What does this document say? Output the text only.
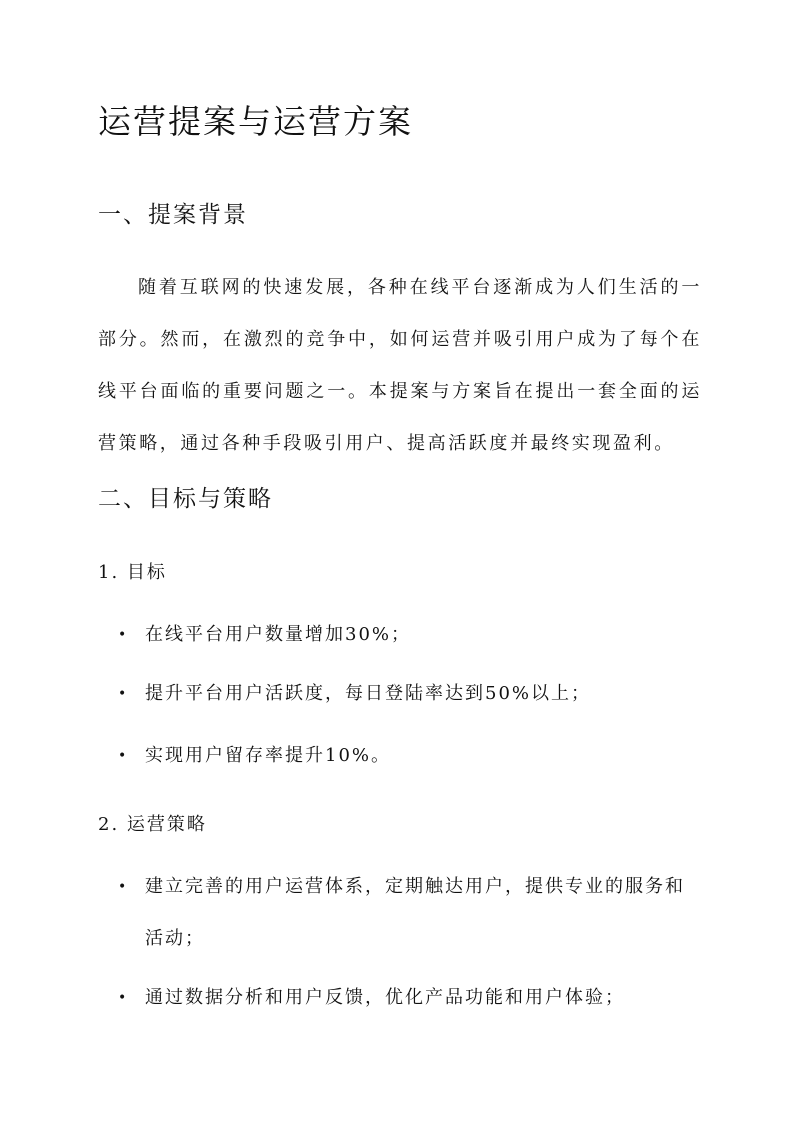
运营提案与运营方案
一、提案背景

随着互联网的快速发展，各种在线平台逐渐成为人们生活的一部分。然而，在激烈的竞争中，如何运营并吸引用户成为了每个在线平台面临的重要问题之一。本提案与方案旨在提出一套全面的运营策略，通过各种手段吸引用户、提高活跃度并最终实现盈利。

二、目标与策略
1. 目标
• 在线平台用户数量增加30%；
• 提升平台用户活跃度，每日登陆率达到50%以上；
• 实现用户留存率提升10%。
2. 运营策略
• 建立完善的用户运营体系，定期触达用户，提供专业的服务和活动；
• 通过数据分析和用户反馈，优化产品功能和用户体验；
